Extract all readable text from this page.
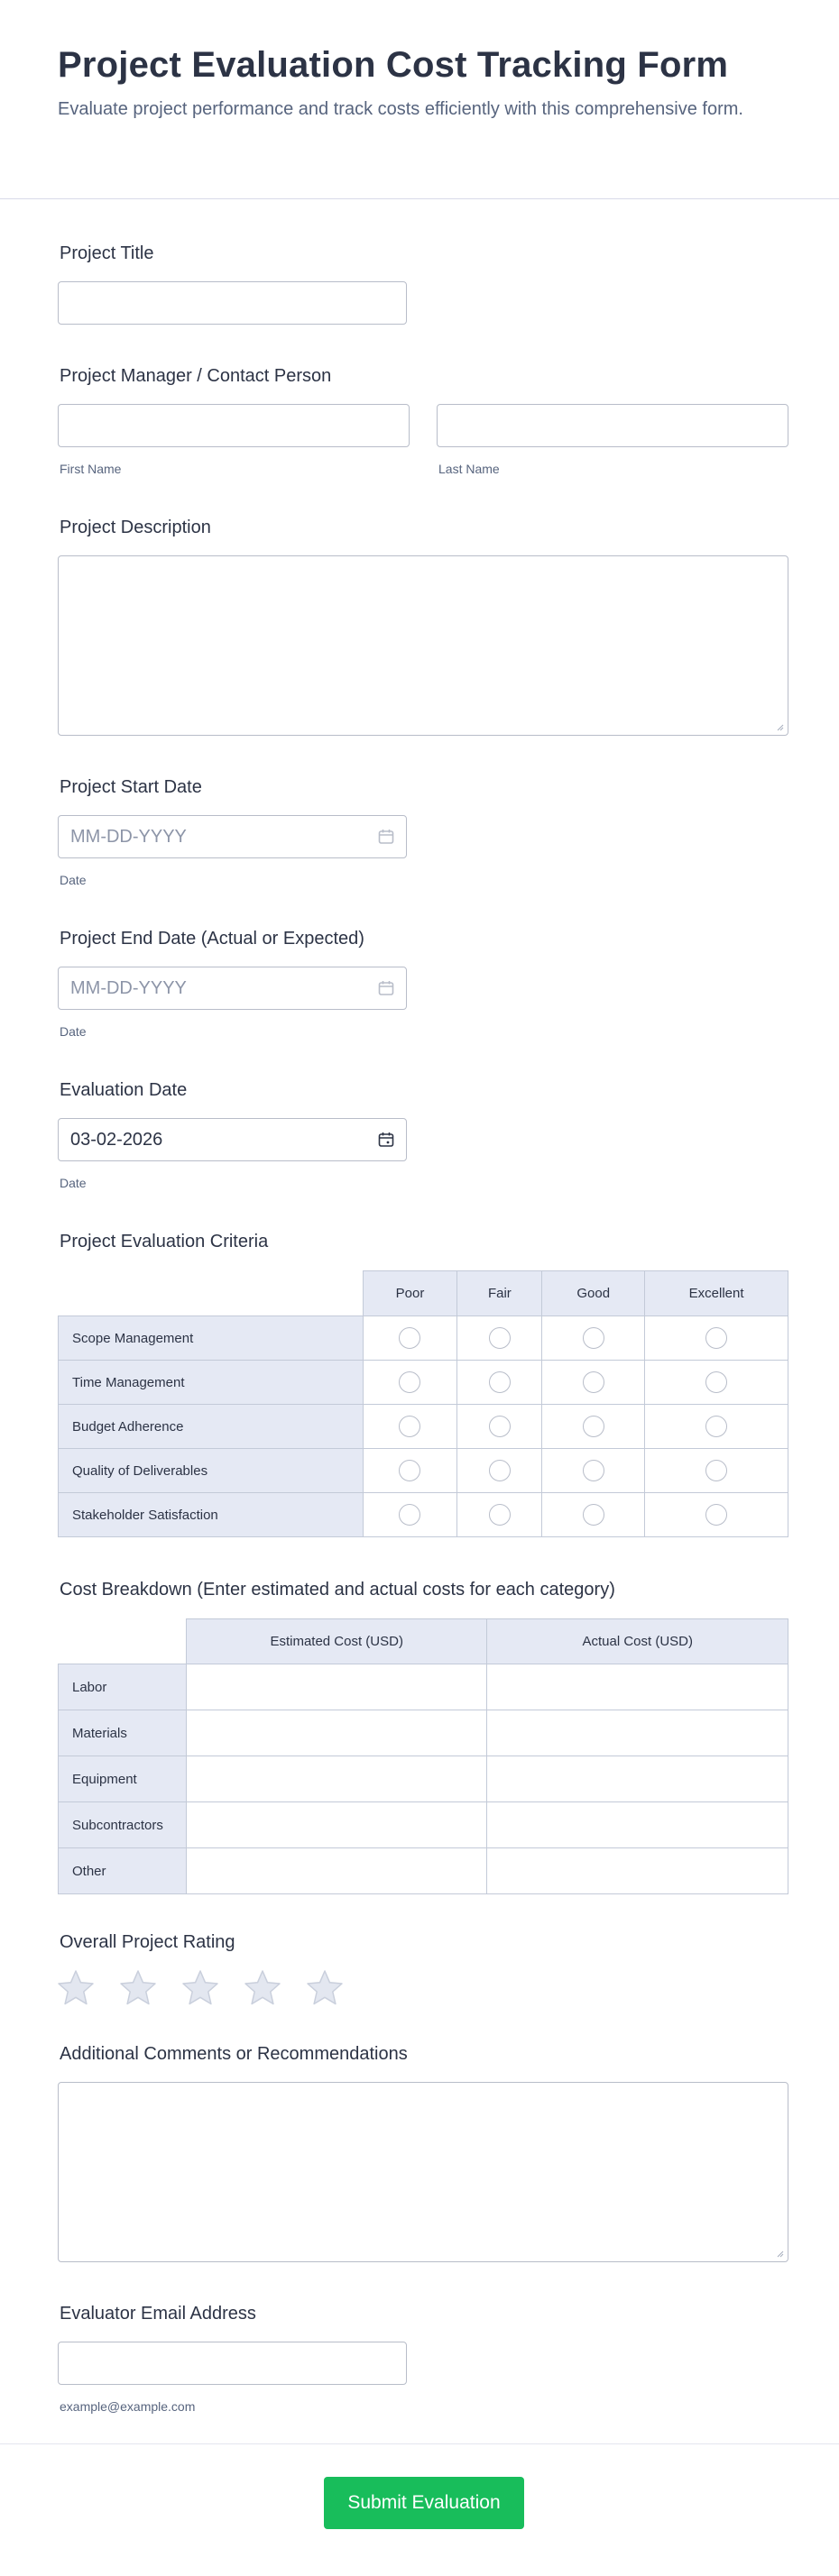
Project Evaluation Cost Tracking Form

Evaluate project performance and track costs efficiently with this comprehensive form.

Project Title
Project Manager / Contact Person
First Name	Last Name
Project Description
Project Start Date
MM-DD-YYYY
Date
Project End Date (Actual or Expected)
MM-DD-YYYY
Date
Evaluation Date
03-02-2026
Date
Project Evaluation Criteria
	Poor	Fair	Good	Excellent
Scope Management				
Time Management				
Budget Adherence				
Quality of Deliverables				
Stakeholder Satisfaction				
Cost Breakdown (Enter estimated and actual costs for each category)
	Estimated Cost (USD)	Actual Cost (USD)
Labor		
Materials		
Equipment		
Subcontractors		
Other		
Overall Project Rating
Additional Comments or Recommendations
Evaluator Email Address
example@example.com
Submit Evaluation
